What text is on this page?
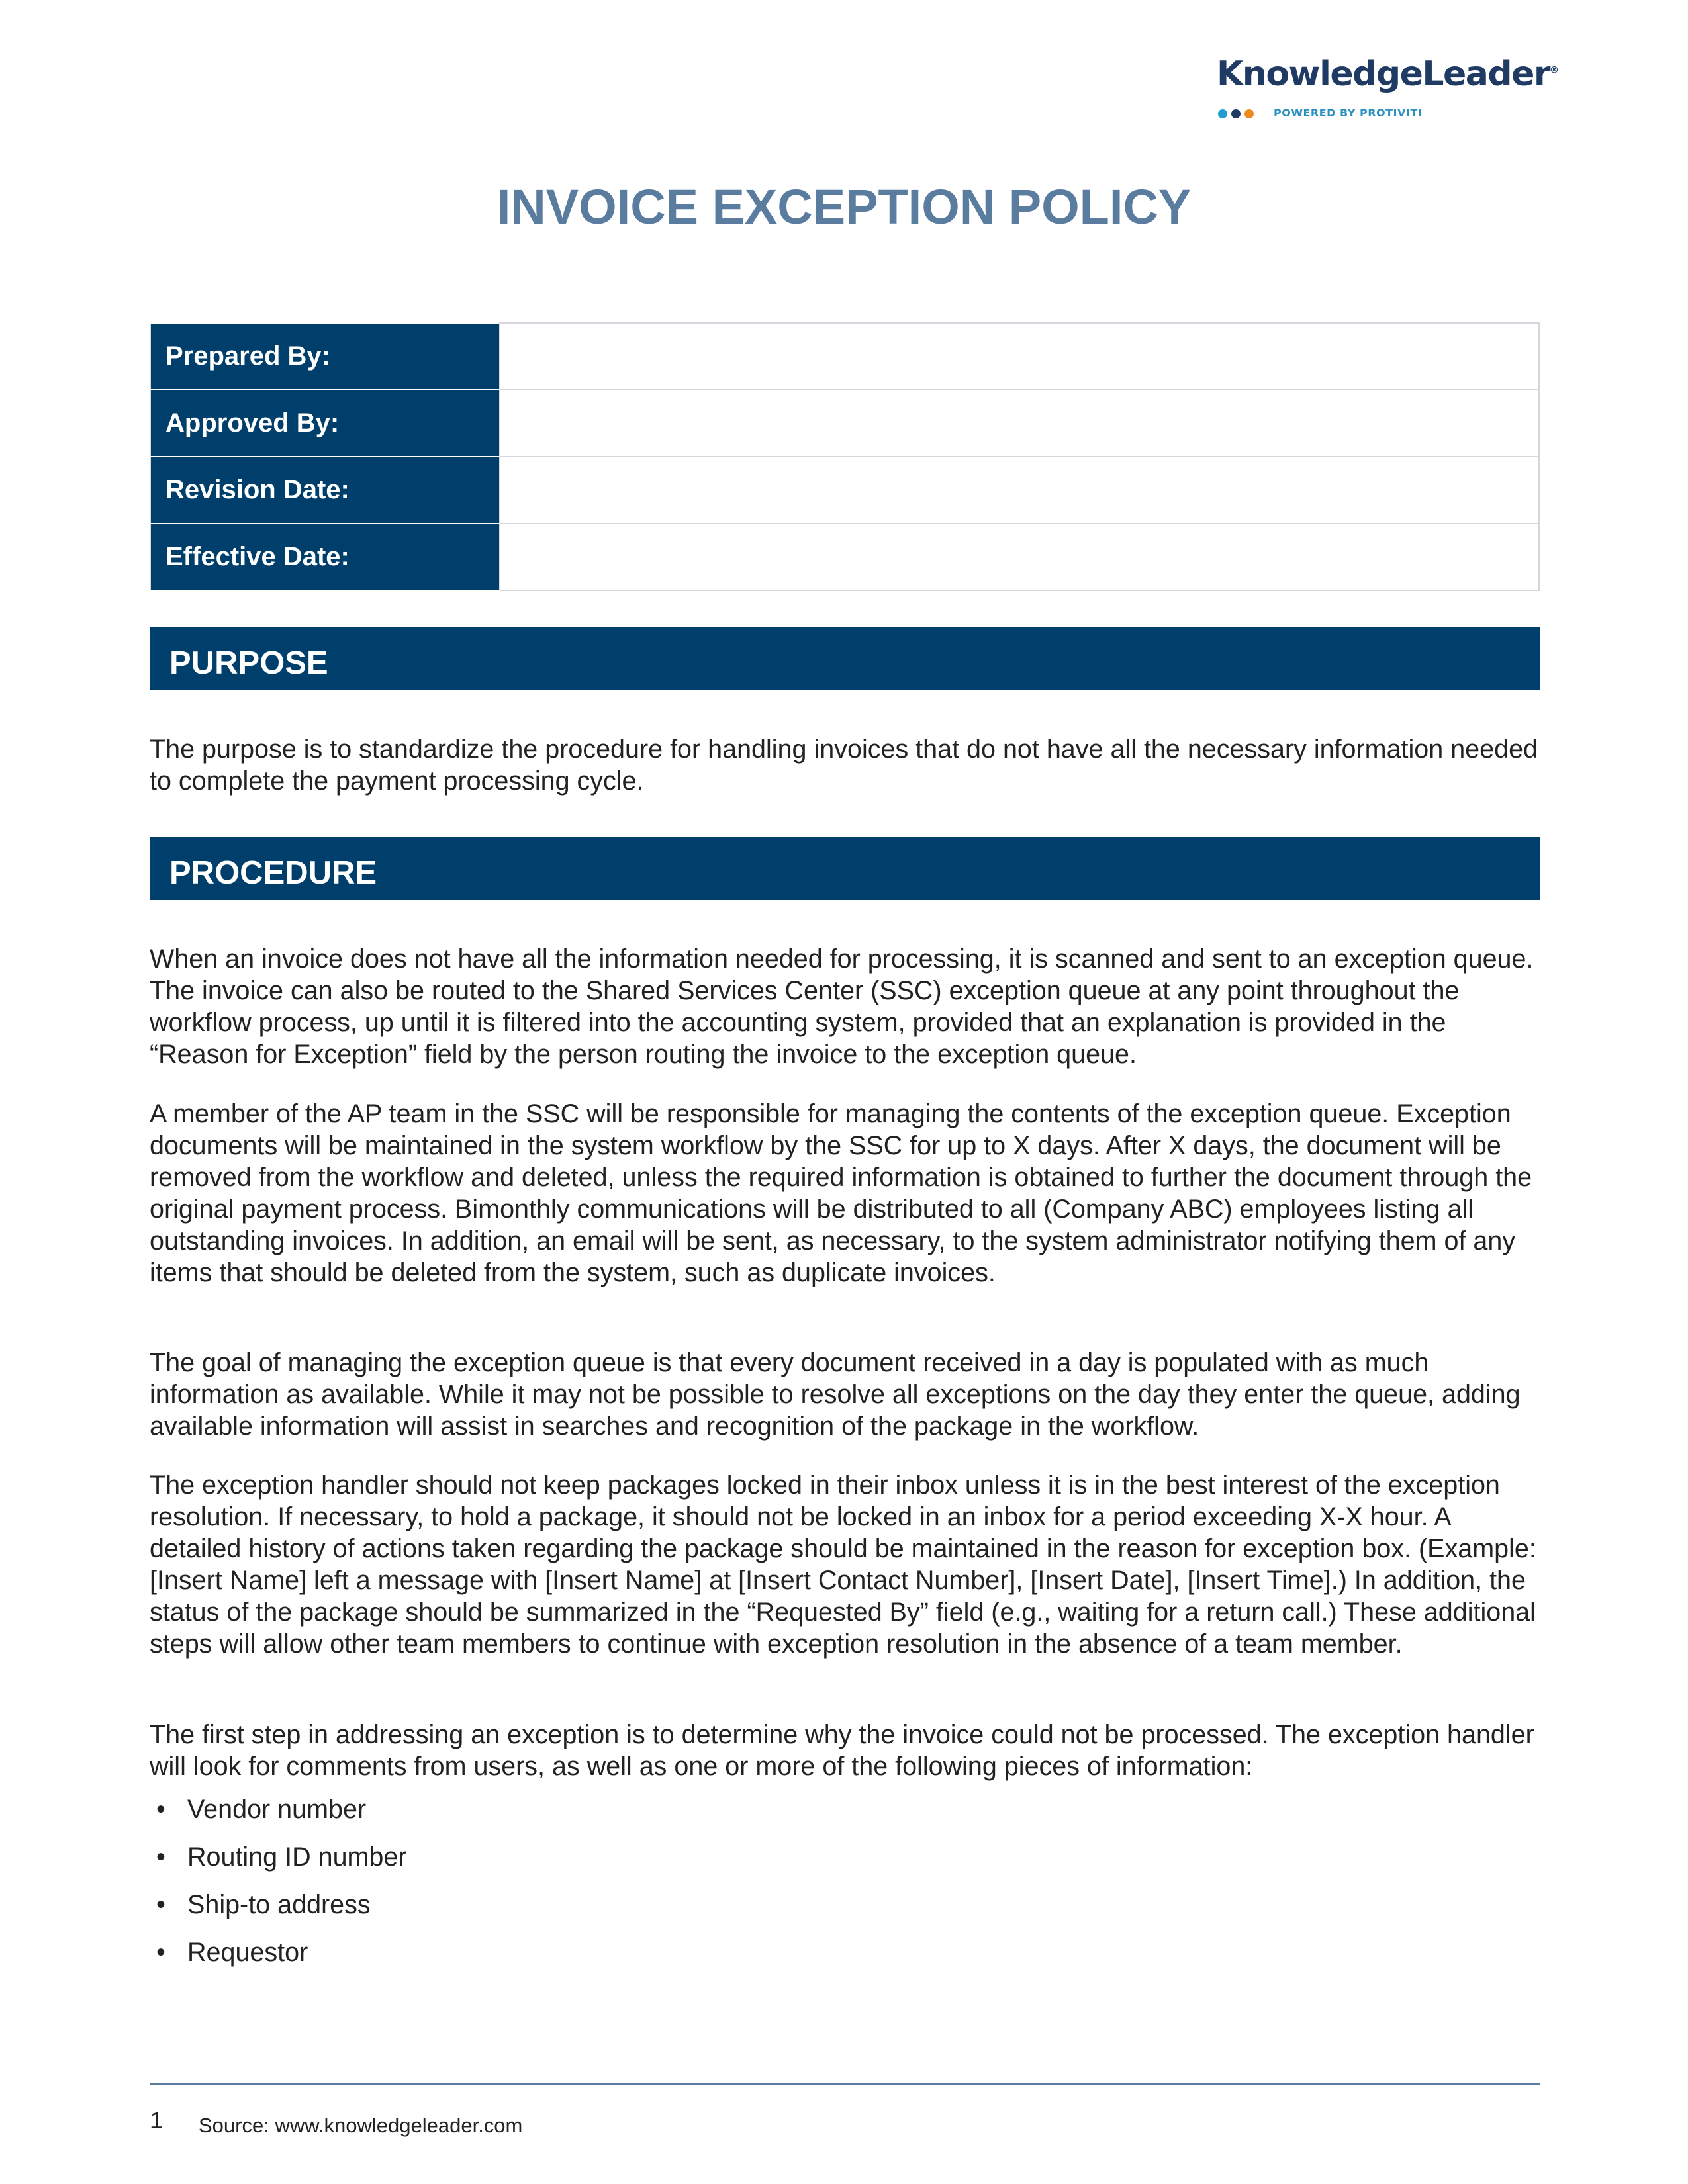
KnowledgeLeader®
POWERED BY PROTIVITI
INVOICE EXCEPTION POLICY
Prepared By:	
Approved By:	
Revision Date:	
Effective Date:	
PURPOSE

The purpose is to standardize the procedure for handling invoices that do not have all the necessary information needed to complete the payment processing cycle.

PROCEDURE

When an invoice does not have all the information needed for processing, it is scanned and sent to an exception queue. The invoice can also be routed to the Shared Services Center (SSC) exception queue at any point throughout the workflow process, up until it is filtered into the accounting system, provided that an explanation is provided in the “Reason for Exception” field by the person routing the invoice to the exception queue.

A member of the AP team in the SSC will be responsible for managing the contents of the exception queue. Exception documents will be maintained in the system workflow by the SSC for up to X days. After X days, the document will be removed from the workflow and deleted, unless the required information is obtained to further the document through the original payment process. Bimonthly communications will be distributed to all (Company ABC) employees listing all outstanding invoices. In addition, an email will be sent, as necessary, to the system administrator notifying them of any items that should be deleted from the system, such as duplicate invoices.

The goal of managing the exception queue is that every document received in a day is populated with as much information as available. While it may not be possible to resolve all exceptions on the day they enter the queue, adding available information will assist in searches and recognition of the package in the workflow.

The exception handler should not keep packages locked in their inbox unless it is in the best interest of the exception resolution. If necessary, to hold a package, it should not be locked in an inbox for a period exceeding X-X hour. A detailed history of actions taken regarding the package should be maintained in the reason for exception box. (Example: [Insert Name] left a message with [Insert Name] at [Insert Contact Number], [Insert Date], [Insert Time].) In addition, the status of the package should be summarized in the “Requested By” field (e.g., waiting for a return call.) These additional steps will allow other team members to continue with exception resolution in the absence of a team member.

The first step in addressing an exception is to determine why the invoice could not be processed. The exception handler will look for comments from users, as well as one or more of the following pieces of information:

• Vendor number
• Routing ID number
• Ship-to address
• Requestor
1 Source: www.knowledgeleader.com
